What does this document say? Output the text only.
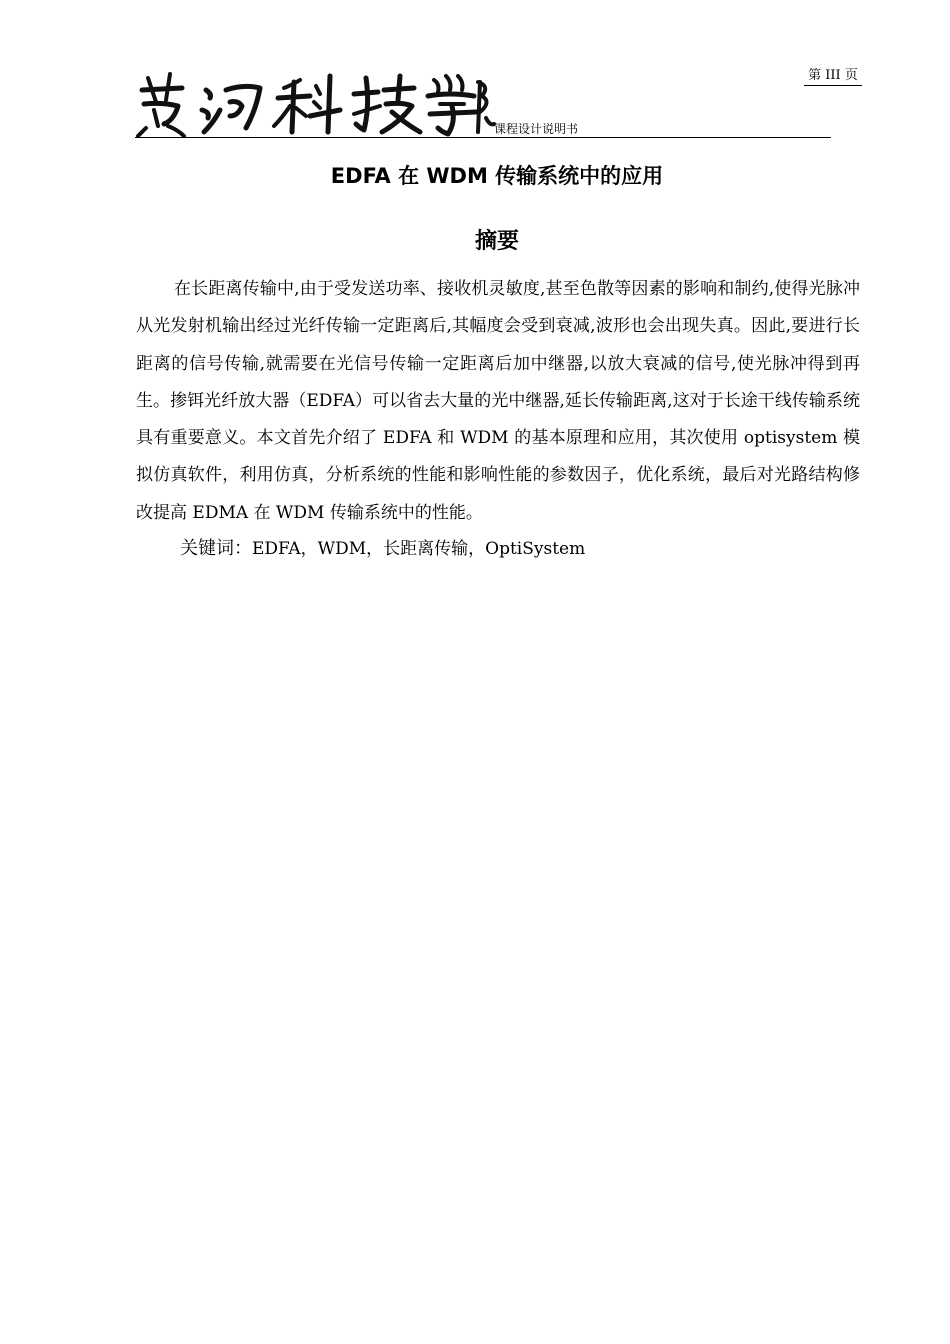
第 III 页
课程设计说明书
EDFA 在 WDM 传输系统中的应用
摘要

在长距离传输中,由于受发送功率、接收机灵敏度,甚至色散等因素的影响和制约,使得光脉冲从光发射机输出经过光纤传输一定距离后,其幅度会受到衰减,波形也会出现失真。因此,要进行长距离的信号传输,就需要在光信号传输一定距离后加中继器,以放大衰减的信号,使光脉冲得到再生。掺铒光纤放大器（EDFA）可以省去大量的光中继器,延长传输距离,这对于长途干线传输系统具有重要意义。本文首先介绍了 EDFA 和 WDM 的基本原理和应用，其次使用 optisystem 模拟仿真软件，利用仿真，分析系统的性能和影响性能的参数因子，优化系统，最后对光路结构修改提高 EDMA 在 WDM 传输系统中的性能。

关键词：EDFA，WDM，长距离传输，OptiSystem
